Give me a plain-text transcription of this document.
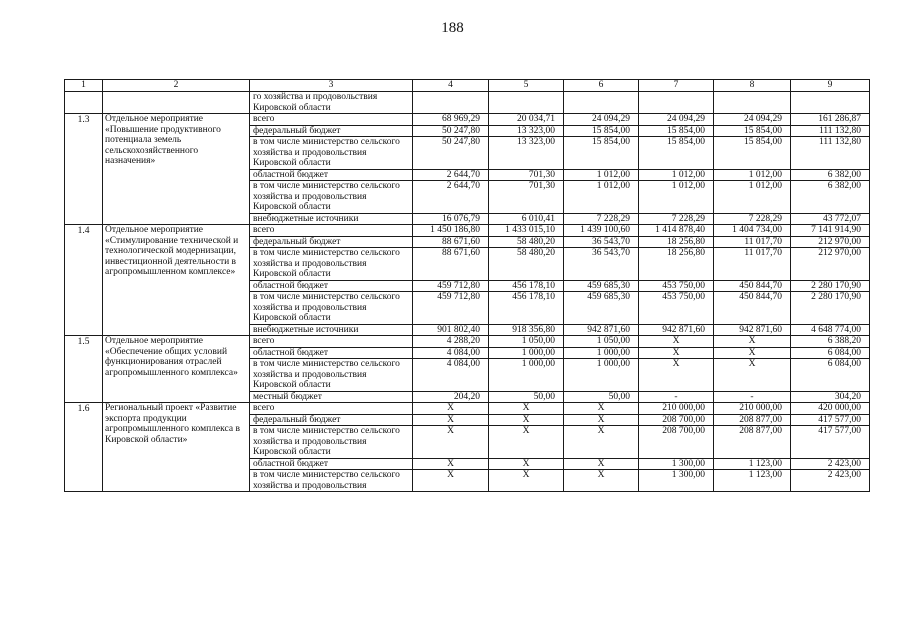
188
1	2	3	4	5	6	7	8	9
		го хозяйства и продовольствия Кировской области						
1.3	Отдельное мероприятие «Повышение продуктивного потенциала земель сельскохозяйственного назначения»	всего	68 969,29	20 034,71	24 094,29	24 094,29	24 094,29	161 286,87
		федеральный бюджет	50 247,80	13 323,00	15 854,00	15 854,00	15 854,00	111 132,80
		в том числе министерство сельского хозяйства и продовольствия Кировской области	50 247,80	13 323,00	15 854,00	15 854,00	15 854,00	111 132,80
		областной бюджет	2 644,70	701,30	1 012,00	1 012,00	1 012,00	6 382,00
		в том числе министерство сельского хозяйства и продовольствия Кировской области	2 644,70	701,30	1 012,00	1 012,00	1 012,00	6 382,00
		внебюджетные источники	16 076,79	6 010,41	7 228,29	7 228,29	7 228,29	43 772,07
1.4	Отдельное мероприятие «Стимулирование технической и технологической модернизации, инвестиционной деятельности в агропромышленном комплексе»	всего	1 450 186,80	1 433 015,10	1 439 100,60	1 414 878,40	1 404 734,00	7 141 914,90
		федеральный бюджет	88 671,60	58 480,20	36 543,70	18 256,80	11 017,70	212 970,00
		в том числе министерство сельского хозяйства и продовольствия Кировской области	88 671,60	58 480,20	36 543,70	18 256,80	11 017,70	212 970,00
		областной бюджет	459 712,80	456 178,10	459 685,30	453 750,00	450 844,70	2 280 170,90
		в том числе министерство сельского хозяйства и продовольствия Кировской области	459 712,80	456 178,10	459 685,30	453 750,00	450 844,70	2 280 170,90
		внебюджетные источники	901 802,40	918 356,80	942 871,60	942 871,60	942 871,60	4 648 774,00
1.5	Отдельное мероприятие «Обеспечение общих условий функционирования отраслей агропромышленного комплекса»	всего	4 288,20	1 050,00	1 050,00	Х	Х	6 388,20
		областной бюджет	4 084,00	1 000,00	1 000,00	Х	Х	6 084,00
		в том числе министерство сельского хозяйства и продовольствия Кировской области	4 084,00	1 000,00	1 000,00	Х	Х	6 084,00
		местный бюджет	204,20	50,00	50,00	-	-	304,20
1.6	Региональный проект «Развитие экспорта продукции агропромышленного комплекса в Кировской области»	всего	Х	Х	Х	210 000,00	210 000,00	420 000,00
		федеральный бюджет	Х	Х	Х	208 700,00	208 877,00	417 577,00
		в том числе министерство сельского хозяйства и продовольствия Кировской области	Х	Х	Х	208 700,00	208 877,00	417 577,00
		областной бюджет	Х	Х	Х	1 300,00	1 123,00	2 423,00
		в том числе министерство сельского хозяйства и продовольствия	Х	Х	Х	1 300,00	1 123,00	2 423,00
